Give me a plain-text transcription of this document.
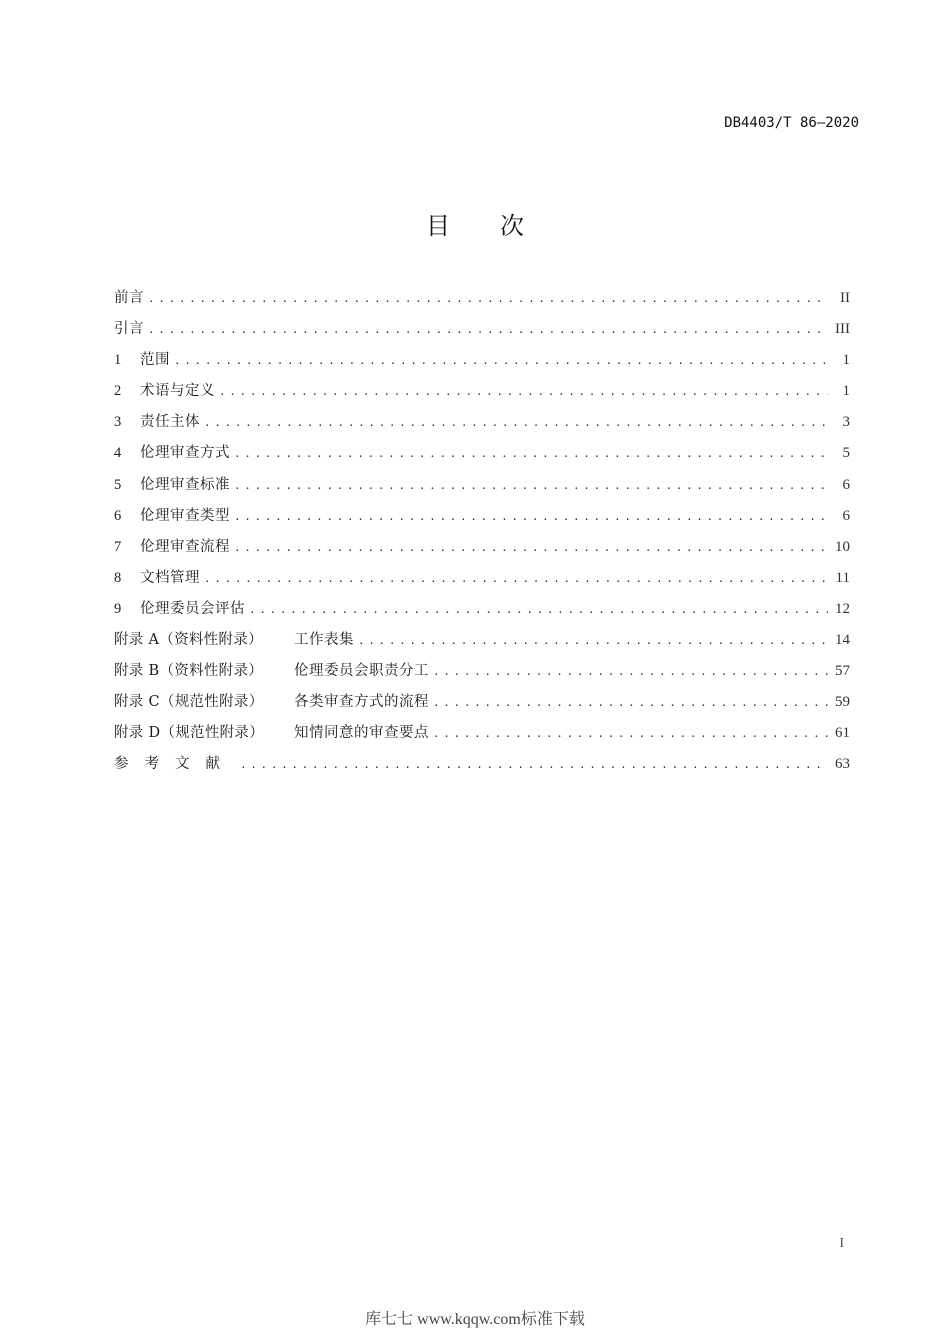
DB4403/T 86—2020
目 次
前言 .....	II
引言 .....	III
1	范围 .....	1
2	术语与定义 .....	1
3	责任主体 .....	3
4	伦理审查方式 .....	5
5	伦理审查标准 .....	6
6	伦理审查类型 .....	6
7	伦理审查流程 .....	10
8	文档管理 .....	11
9	伦理委员会评估 .....	12
附录 A（资料性附录）	工作表集 .....	14
附录 B（资料性附录）	伦理委员会职责分工 .....	57
附录 C（规范性附录）	各类审查方式的流程 .....	59
附录 D（规范性附录）	知情同意的审查要点 .....	61
参考文献 .....	63
I
库七七 www.kqqw.com标准下载
